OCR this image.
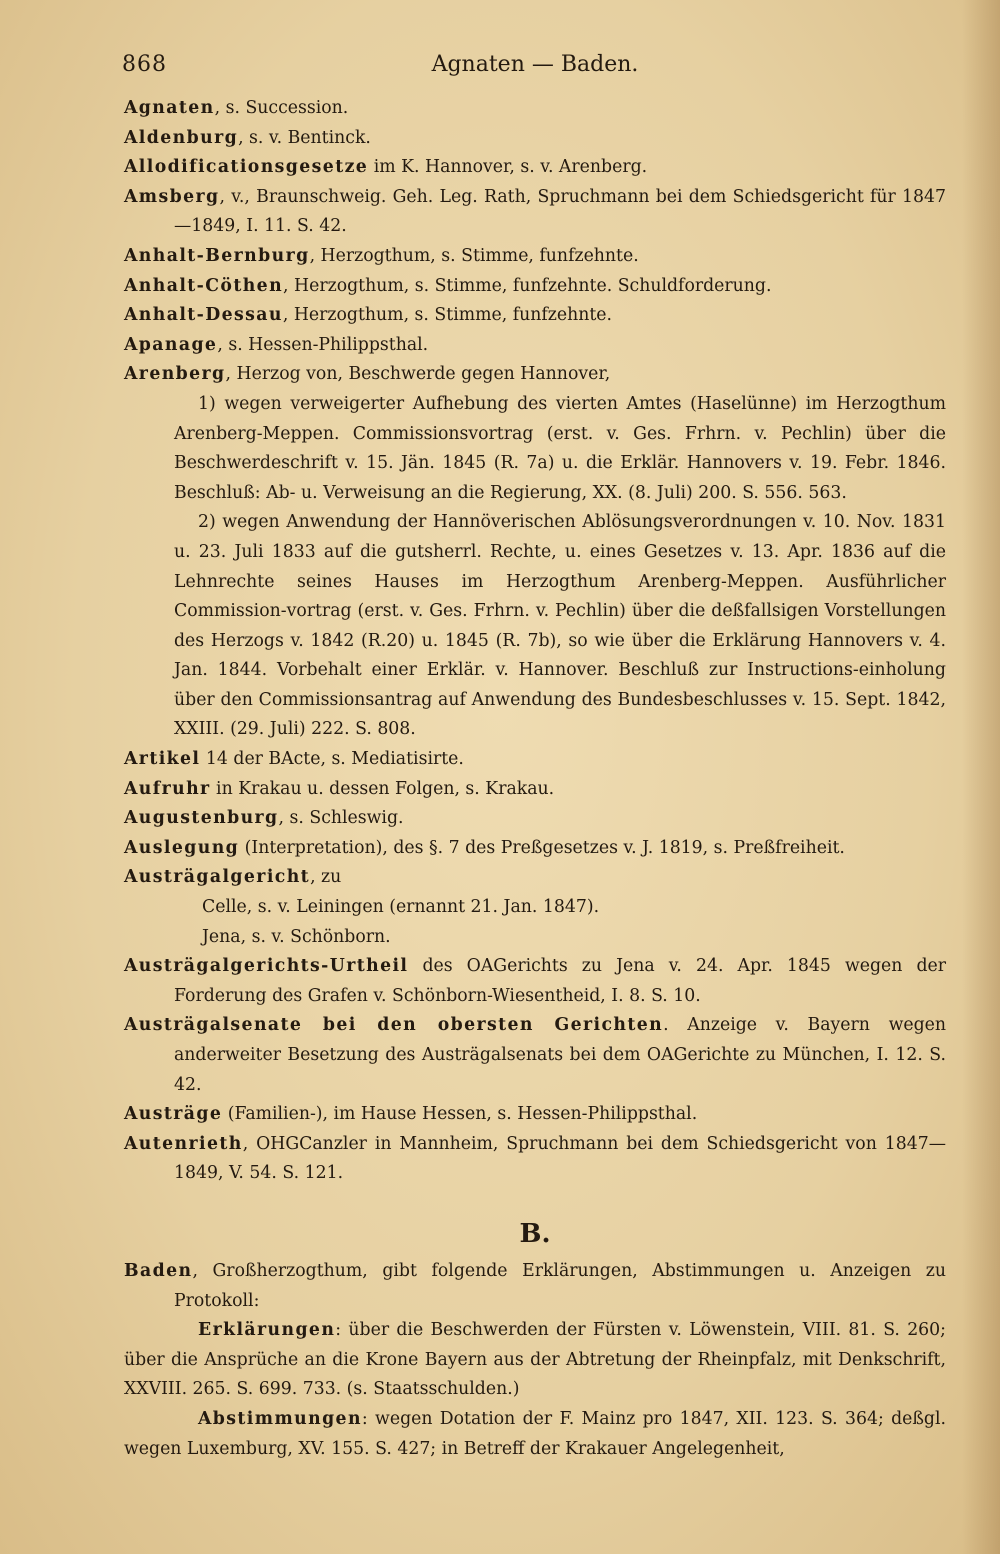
868	Agnaten — Baden.

Agnaten, s. Succession.

Aldenburg, s. v. Bentinck.

Allodificationsgesetze im K. Hannover, s. v. Arenberg.

Amsberg, v., Braunschweig. Geh. Leg. Rath, Spruchmann bei dem Schiedsgericht für 1847—1849, I. 11. S. 42.

Anhalt-Bernburg, Herzogthum, s. Stimme, funfzehnte.

Anhalt-Cöthen, Herzogthum, s. Stimme, funfzehnte. Schuldforderung.

Anhalt-Dessau, Herzogthum, s. Stimme, funfzehnte.

Apanage, s. Hessen-Philippsthal.

Arenberg, Herzog von, Beschwerde gegen Hannover,

1) wegen verweigerter Aufhebung des vierten Amtes (Haselünne) im Herzogthum Arenberg-Meppen. Commissionsvortrag (erst. v. Ges. Frhrn. v. Pechlin) über die Beschwerdeschrift v. 15. Jän. 1845 (R. 7a) u. die Erklär. Hannovers v. 19. Febr. 1846. Beschluß: Ab- u. Verweisung an die Regierung, XX. (8. Juli) 200. S. 556. 563.

2) wegen Anwendung der Hannöverischen Ablösungsverordnungen v. 10. Nov. 1831 u. 23. Juli 1833 auf die gutsherrl. Rechte, u. eines Gesetzes v. 13. Apr. 1836 auf die Lehnrechte seines Hauses im Herzogthum Arenberg-Meppen. Ausführlicher Commission-vortrag (erst. v. Ges. Frhrn. v. Pechlin) über die deßfallsigen Vorstellungen des Herzogs v. 1842 (R.20) u. 1845 (R. 7b), so wie über die Erklärung Hannovers v. 4. Jan. 1844. Vorbehalt einer Erklär. v. Hannover. Beschluß zur Instructions-einholung über den Commissionsantrag auf Anwendung des Bundesbeschlusses v. 15. Sept. 1842, XXIII. (29. Juli) 222. S. 808.

Artikel 14 der BActe, s. Mediatisirte.

Aufruhr in Krakau u. dessen Folgen, s. Krakau.

Augustenburg, s. Schleswig.

Auslegung (Interpretation), des §. 7 des Preßgesetzes v. J. 1819, s. Preßfreiheit.

Austrägalgericht, zu

Celle, s. v. Leiningen (ernannt 21. Jan. 1847).

Jena, s. v. Schönborn.

Austrägalgerichts-Urtheil des OAGerichts zu Jena v. 24. Apr. 1845 wegen der Forderung des Grafen v. Schönborn-Wiesentheid, I. 8. S. 10.

Austrägalsenate bei den obersten Gerichten. Anzeige v. Bayern wegen anderweiter Besetzung des Austrägalsenats bei dem OAGerichte zu München, I. 12. S. 42.

Austräge (Familien-), im Hause Hessen, s. Hessen-Philippsthal.

Autenrieth, OHGCanzler in Mannheim, Spruchmann bei dem Schiedsgericht von 1847—1849, V. 54. S. 121.

B.

Baden, Großherzogthum, gibt folgende Erklärungen, Abstimmungen u. Anzeigen zu Protokoll:

Erklärungen: über die Beschwerden der Fürsten v. Löwenstein, VIII. 81. S. 260; über die Ansprüche an die Krone Bayern aus der Abtretung der Rheinpfalz, mit Denkschrift, XXVIII. 265. S. 699. 733. (s. Staatsschulden.)

Abstimmungen: wegen Dotation der F. Mainz pro 1847, XII. 123. S. 364; deßgl. wegen Luxemburg, XV. 155. S. 427; in Betreff der Krakauer Angelegenheit,
